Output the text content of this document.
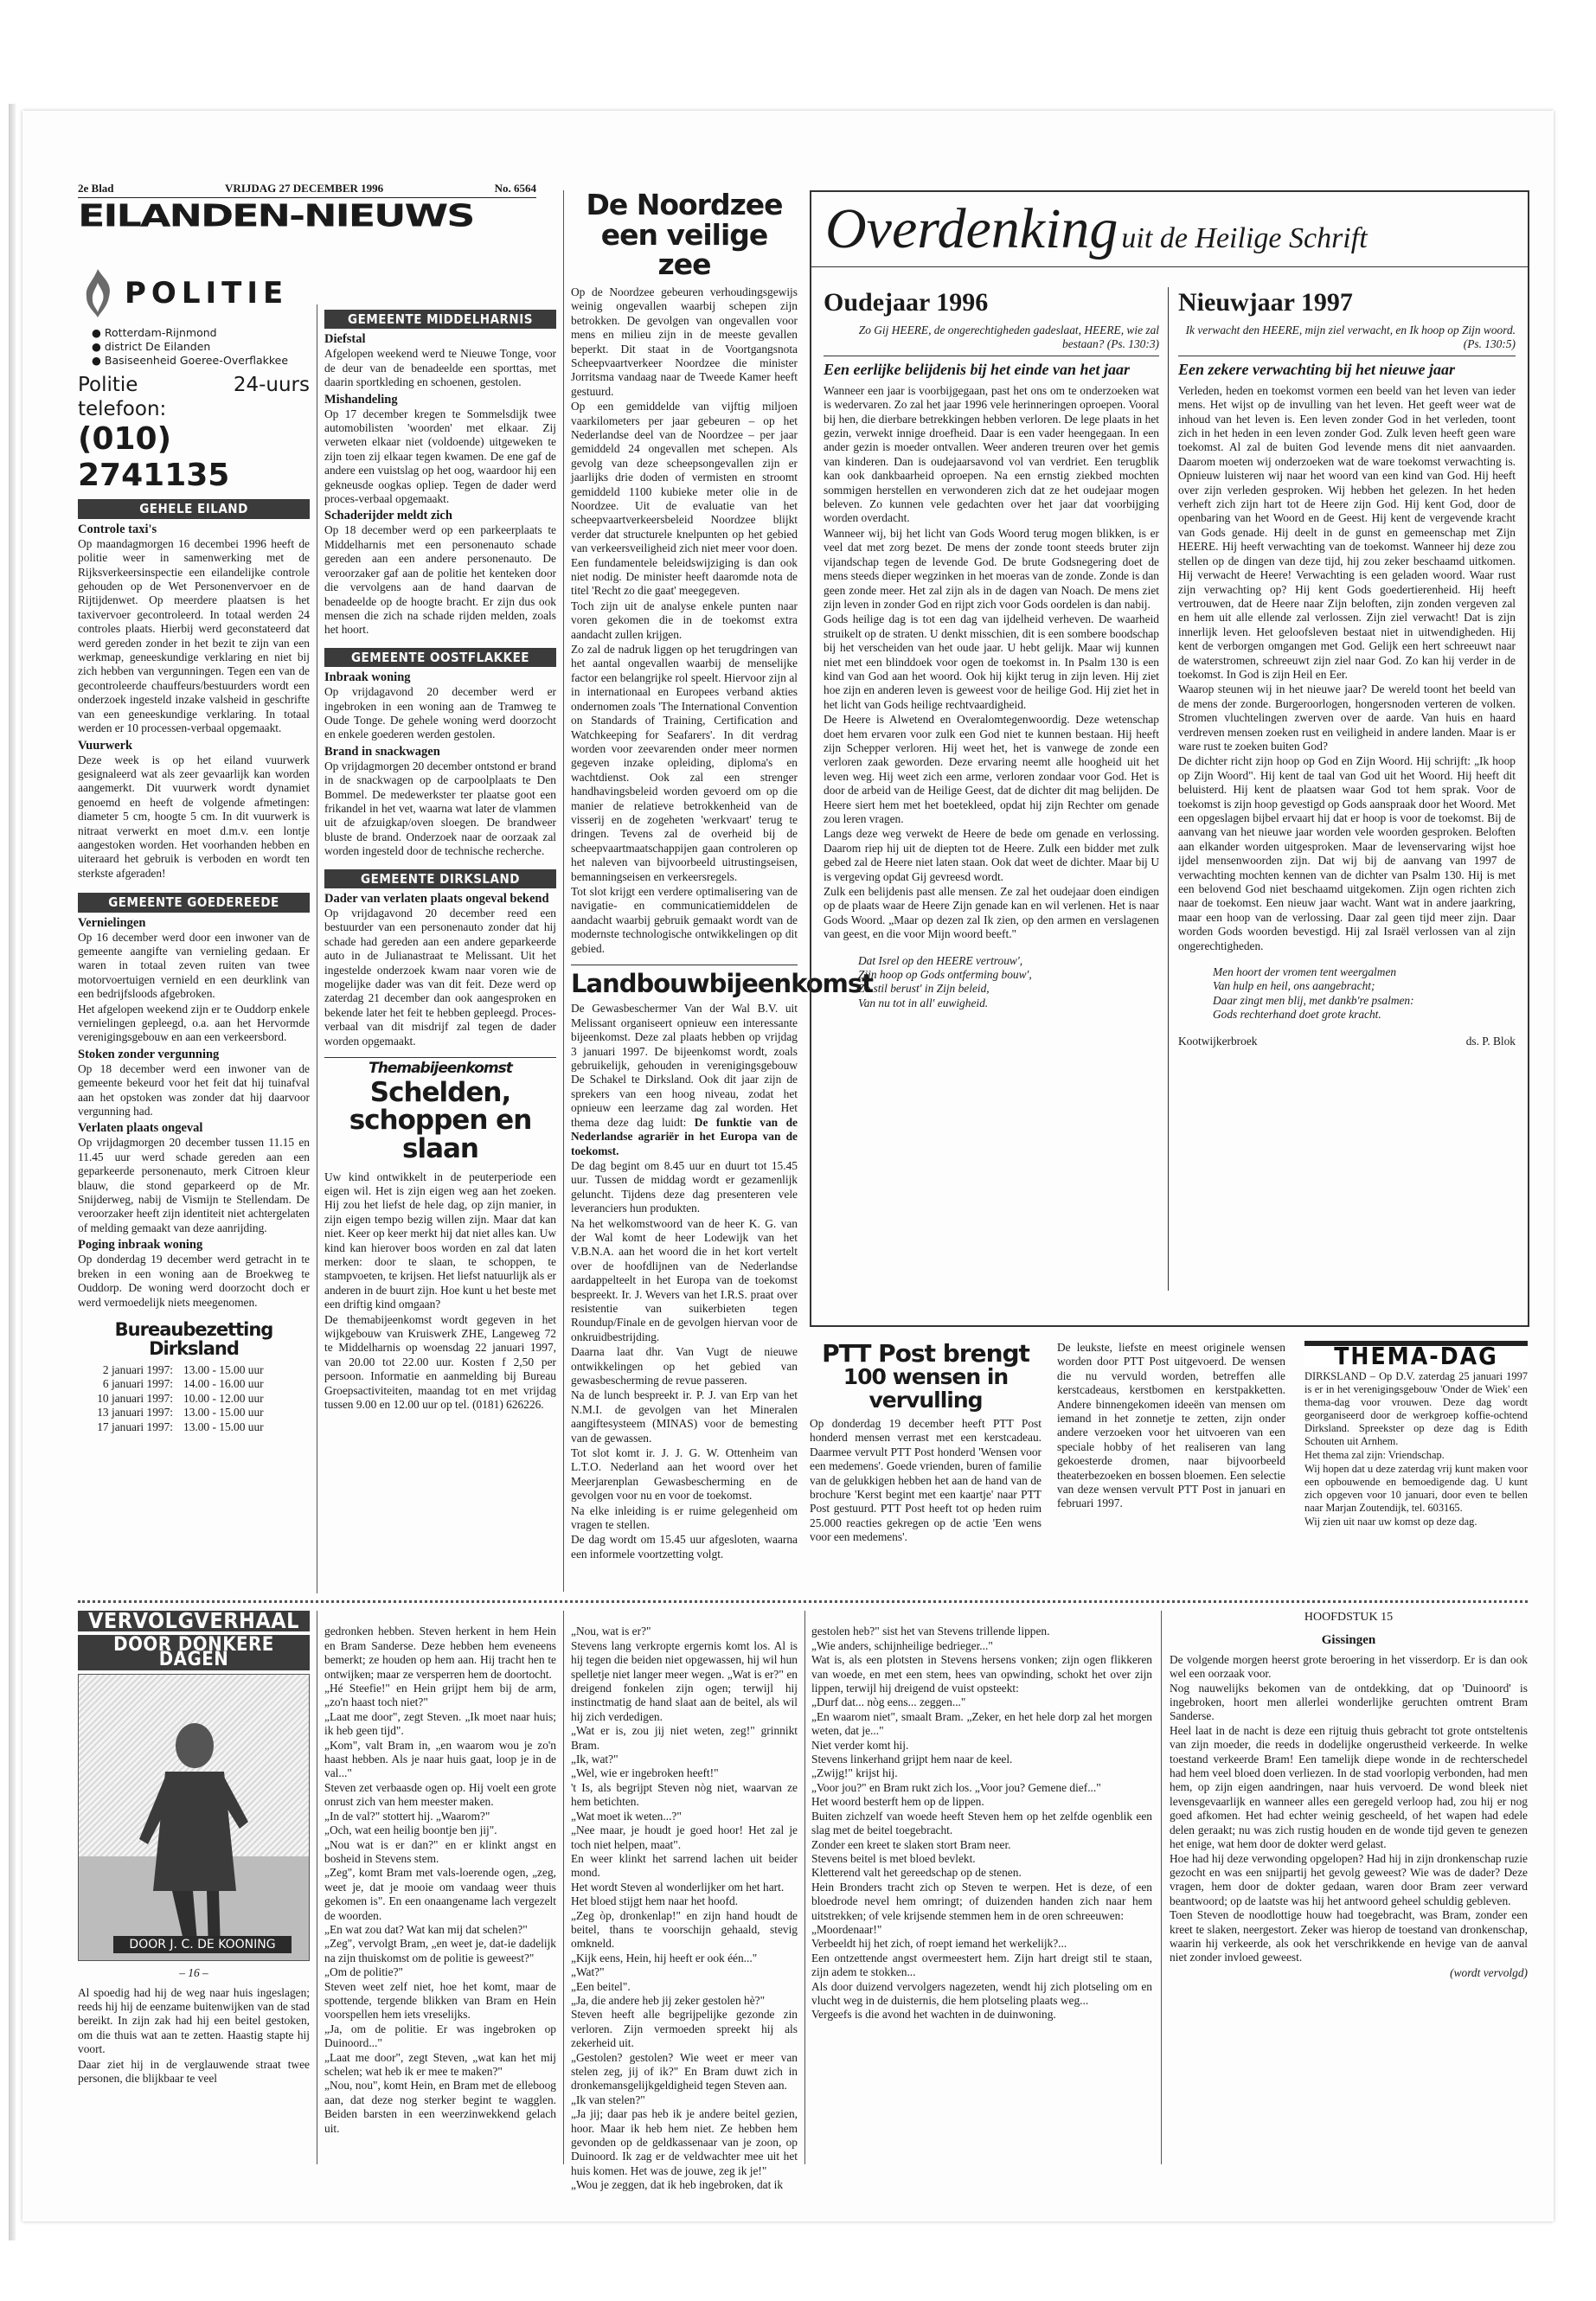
2e Blad	VRIJDAG 27 DECEMBER 1996	No. 6564
EILANDEN-NIEUWS
POLITIE
● Rotterdam-Rijnmond
● district De Eilanden
● Basiseenheid Goeree-Overflakkee
Politie 24-uurs telefoon:
(010) 2741135
GEHELE EILAND
Controle taxi's

Op maandagmorgen 16 decembei 1996 heeft de politie weer in samenwerking met de Rijksverkeersinspectie een eilandelijke controle gehouden op de Wet Personenvervoer en de Rijtijdenwet. Op meerdere plaatsen is het taxivervoer gecontroleerd. In totaal werden 24 controles plaats. Hierbij werd geconstateerd dat werd gereden zonder in het bezit te zijn van een werkmap, geneeskundige verklaring en niet bij zich hebben van vergunningen. Tegen een van de gecontroleerde chauffeurs/bestuurders wordt een onderzoek ingesteld inzake valsheid in geschrifte van een geneeskundige verklaring. In totaal werden er 10 processen-verbaal opgemaakt.

Vuurwerk

Deze week is op het eiland vuurwerk gesignaleerd wat als zeer gevaarlijk kan worden aangemerkt. Dit vuurwerk wordt dynamiet genoemd en heeft de volgende afmetingen: diameter 5 cm, hoogte 5 cm. In dit vuurwerk is nitraat verwerkt en moet d.m.v. een lontje aangestoken worden. Het voorhanden hebben en uiteraard het gebruik is verboden en wordt ten sterkste afgeraden!

GEMEENTE GOEDEREEDE
Vernielingen

Op 16 december werd door een inwoner van de gemeente aangifte van vernieling gedaan. Er waren in totaal zeven ruiten van twee motorvoertuigen vernield en een deurklink van een bedrijfsloods afgebroken.

Het afgelopen weekend zijn er te Ouddorp enkele vernielingen gepleegd, o.a. aan het Hervormde verenigingsgebouw en aan een verkeersbord.

Stoken zonder vergunning

Op 18 december werd een inwoner van de gemeente bekeurd voor het feit dat hij tuinafval aan het opstoken was zonder dat hij daarvoor vergunning had.

Verlaten plaats ongeval

Op vrijdagmorgen 20 december tussen 11.15 en 11.45 uur werd schade gereden aan een geparkeerde personenauto, merk Citroen kleur blauw, die stond geparkeerd op de Mr. Snijderweg, nabij de Vismijn te Stellendam. De veroorzaker heeft zijn identiteit niet achtergelaten of melding gemaakt van deze aanrijding.

Poging inbraak woning

Op donderdag 19 december werd getracht in te breken in een woning aan de Broekweg te Ouddorp. De woning werd doorzocht doch er werd vermoedelijk niets meegenomen.

Bureaubezetting Dirksland
2 januari 1997: 13.00 - 15.00 uur
6 januari 1997: 14.00 - 16.00 uur
10 januari 1997: 10.00 - 12.00 uur
13 januari 1997: 13.00 - 15.00 uur
17 januari 1997: 13.00 - 15.00 uur
GEMEENTE MIDDELHARNIS
Diefstal

Afgelopen weekend werd te Nieuwe Tonge, voor de deur van de benadeelde een sporttas, met daarin sportkleding en schoenen, gestolen.

Mishandeling

Op 17 december kregen te Sommelsdijk twee automobilisten 'woorden' met elkaar. Zij verweten elkaar niet (voldoende) uitgeweken te zijn toen zij elkaar tegen kwamen. De ene gaf de andere een vuistslag op het oog, waardoor hij een gekneusde oogkas opliep. Tegen de dader werd proces-verbaal opgemaakt.

Schaderijder meldt zich

Op 18 december werd op een parkeerplaats te Middelharnis met een personenauto schade gereden aan een andere personenauto. De veroorzaker gaf aan de politie het kenteken door die vervolgens aan de hand daarvan de benadeelde op de hoogte bracht. Er zijn dus ook mensen die zich na schade rijden melden, zoals het hoort.

GEMEENTE OOSTFLAKKEE
Inbraak woning

Op vrijdagavond 20 december werd er ingebroken in een woning aan de Tramweg te Oude Tonge. De gehele woning werd doorzocht en enkele goederen werden gestolen.

Brand in snackwagen

Op vrijdagmorgen 20 december ontstond er brand in de snackwagen op de carpoolplaats te Den Bommel. De medewerkster ter plaatse goot een frikandel in het vet, waarna wat later de vlammen uit de afzuigkap/oven sloegen. De brandweer bluste de brand. Onderzoek naar de oorzaak zal worden ingesteld door de technische recherche.

GEMEENTE DIRKSLAND
Dader van verlaten plaats ongeval bekend

Op vrijdagavond 20 december reed een bestuurder van een personenauto zonder dat hij schade had gereden aan een andere geparkeerde auto in de Julianastraat te Melissant. Uit het ingestelde onderzoek kwam naar voren wie de mogelijke dader was van dit feit. Deze werd op zaterdag 21 december dan ook aangesproken en bekende later het feit te hebben gepleegd. Proces-verbaal van dit misdrijf zal tegen de dader worden opgemaakt.

Themabijeenkomst
Schelden, schoppen en slaan

Uw kind ontwikkelt in de peuterperiode een eigen wil. Het is zijn eigen weg aan het zoeken. Hij zou het liefst de hele dag, op zijn manier, in zijn eigen tempo bezig willen zijn. Maar dat kan niet. Keer op keer merkt hij dat niet alles kan. Uw kind kan hierover boos worden en zal dat laten merken: door te slaan, te schoppen, te stampvoeten, te krijsen. Het liefst natuurlijk als er anderen in de buurt zijn. Hoe kunt u het beste met een driftig kind omgaan?

De themabijeenkomst wordt gegeven in het wijkgebouw van Kruiswerk ZHE, Langeweg 72 te Middelharnis op woensdag 22 januari 1997, van 20.00 tot 22.00 uur. Kosten f 2,50 per persoon. Informatie en aanmelding bij Bureau Groepsactiviteiten, maandag tot en met vrijdag tussen 9.00 en 12.00 uur op tel. (0181) 626226.

De Noordzee een veilige zee

Op de Noordzee gebeuren verhoudingsgewijs weinig ongevallen waarbij schepen zijn betrokken. De gevolgen van ongevallen voor mens en milieu zijn in de meeste gevallen beperkt. Dit staat in de Voortgangsnota Scheepvaartverkeer Noordzee die minister Jorritsma vandaag naar de Tweede Kamer heeft gestuurd.

Op een gemiddelde van vijftig miljoen vaarkilometers per jaar gebeuren – op het Nederlandse deel van de Noordzee – per jaar gemiddeld 24 ongevallen met schepen. Als gevolg van deze scheepsongevallen zijn er jaarlijks drie doden of vermisten en stroomt gemiddeld 1100 kubieke meter olie in de Noordzee. Uit de evaluatie van het scheepvaartverkeersbeleid Noordzee blijkt verder dat structurele knelpunten op het gebied van verkeersveiligheid zich niet meer voor doen. Een fundamentele beleidswijziging is dan ook niet nodig. De minister heeft daaromde nota de titel 'Recht zo die gaat' meegegeven.

Toch zijn uit de analyse enkele punten naar voren gekomen die in de toekomst extra aandacht zullen krijgen.

Zo zal de nadruk liggen op het terugdringen van het aantal ongevallen waarbij de menselijke factor een belangrijke rol speelt. Hiervoor zijn al in internationaal en Europees verband akties ondernomen zoals 'The International Convention on Standards of Training, Certification and Watchkeeping for Seafarers'. In dit verdrag worden voor zeevarenden onder meer normen gegeven inzake opleiding, diploma's en wachtdienst. Ook zal een strenger handhavingsbeleid worden gevoerd om op die manier de relatieve betrokkenheid van de visserij en de zogeheten 'werkvaart' terug te dringen. Tevens zal de overheid bij de scheepvaartmaatschappijen gaan controleren op het naleven van bijvoorbeeld uitrustingseisen, bemanningseisen en verkeersregels.

Tot slot krijgt een verdere optimalisering van de navigatie- en communicatiemiddelen de aandacht waarbij gebruik gemaakt wordt van de modernste technologische ontwikkelingen op dit gebied.

Landbouwbijeenkomst

De Gewasbeschermer Van der Wal B.V. uit Melissant organiseert opnieuw een interessante bijeenkomst. Deze zal plaats hebben op vrijdag 3 januari 1997. De bijeenkomst wordt, zoals gebruikelijk, gehouden in verenigingsgebouw De Schakel te Dirksland. Ook dit jaar zijn de sprekers van een hoog niveau, zodat het opnieuw een leerzame dag zal worden. Het thema deze dag luidt: De funktie van de Nederlandse agrariër in het Europa van de toekomst.

De dag begint om 8.45 uur en duurt tot 15.45 uur. Tussen de middag wordt er gezamenlijk geluncht. Tijdens deze dag presenteren vele leveranciers hun produkten.

Na het welkomstwoord van de heer K. G. van der Wal komt de heer Lodewijk van het V.B.N.A. aan het woord die in het kort vertelt over de hoofdlijnen van de Nederlandse aardappelteelt in het Europa van de toekomst bespreekt. Ir. J. Wevers van het I.R.S. praat over resistentie van suikerbieten tegen Roundup/Finale en de gevolgen hiervan voor de onkruidbestrijding.

Daarna laat dhr. Van Vugt de nieuwe ontwikkelingen op het gebied van gewasbescherming de revue passeren.

Na de lunch bespreekt ir. P. J. van Erp van het N.M.I. de gevolgen van het Mineralen aangiftesysteem (MINAS) voor de bemesting van de gewassen.

Tot slot komt ir. J. J. G. W. Ottenheim van L.T.O. Nederland aan het woord over het Meerjarenplan Gewasbescherming en de gevolgen voor nu en voor de toekomst.

Na elke inleiding is er ruime gelegenheid om vragen te stellen.

De dag wordt om 15.45 uur afgesloten, waarna een informele voortzetting volgt.

Overdenking uit de Heilige Schrift
Oudejaar 1996
Zo Gij HEERE, de ongerechtigheden gadeslaat, HEERE, wie zal bestaan? (Ps. 130:3)
Een eerlijke belijdenis bij het einde van het jaar

Wanneer een jaar is voorbijgegaan, past het ons om te onderzoeken wat is wedervaren. Zo zal het jaar 1996 vele herinneringen oproepen. Vooral bij hen, die dierbare betrekkingen hebben verloren. De lege plaats in het gezin, verwekt innige droefheid. Daar is een vader heengegaan. In een ander gezin is moeder ontvallen. Weer anderen treuren over het gemis van kinderen. Dan is oudejaarsavond vol van verdriet. Een terugblik kan ook dankbaarheid oproepen. Na een ernstig ziekbed mochten sommigen herstellen en verwonderen zich dat ze het oudejaar mogen beleven. Zo kunnen vele gedachten over het jaar dat voorbijging worden overdacht.

Wanneer wij, bij het licht van Gods Woord terug mogen blikken, is er veel dat met zorg bezet. De mens der zonde toont steeds bruter zijn vijandschap tegen de levende God. De brute Godsnegering doet de mens steeds dieper wegzinken in het moeras van de zonde. Zonde is dan geen zonde meer. Het zal zijn als in de dagen van Noach. De mens ziet zijn leven in zonder God en rijpt zich voor Gods oordelen is dan nabij.

Gods heilige dag is tot een dag van ijdelheid verheven. De waarheid struikelt op de straten. U denkt misschien, dit is een sombere boodschap bij het verscheiden van het oude jaar. U hebt gelijk. Maar wij kunnen niet met een blinddoek voor ogen de toekomst in. In Psalm 130 is een kind van God aan het woord. Ook hij kijkt terug in zijn leven. Hij ziet hoe zijn en anderen leven is geweest voor de heilige God. Hij ziet het in het licht van Gods heilige rechtvaardigheid.

De Heere is Alwetend en Overalomtegenwoordig. Deze wetenschap doet hem ervaren voor zulk een God niet te kunnen bestaan. Hij heeft zijn Schepper verloren. Hij weet het, het is vanwege de zonde een verloren zaak geworden. Deze ervaring neemt alle hoogheid uit het leven weg. Hij weet zich een arme, verloren zondaar voor God. Het is door de arbeid van de Heilige Geest, dat de dichter dit mag belijden. De Heere siert hem met het boetekleed, opdat hij zijn Rechter om genade zou leren vragen.

Langs deze weg verwekt de Heere de bede om genade en verlossing. Daarom riep hij uit de diepten tot de Heere. Zulk een bidder met zulk gebed zal de Heere niet laten staan. Ook dat weet de dichter. Maar bij U is vergeving opdat Gij gevreesd wordt.

Zulk een belijdenis past alle mensen. Ze zal het oudejaar doen eindigen op de plaats waar de Heere Zijn genade kan en wil verlenen. Het is naar Gods Woord. „Maar op dezen zal Ik zien, op den armen en verslagenen van geest, en die voor Mijn woord beeft."

Dat Isrel op den HEERE vertrouw',
Zijn hoop op Gods ontferming bouw',
Zo stil berust' in Zijn beleid,
Van nu tot in all' euwigheid.
Nieuwjaar 1997
Ik verwacht den HEERE, mijn ziel verwacht, en Ik hoop op Zijn woord. (Ps. 130:5)
Een zekere verwachting bij het nieuwe jaar

Verleden, heden en toekomst vormen een beeld van het leven van ieder mens. Het wijst op de invulling van het leven. Het geeft weer wat de inhoud van het leven is. Een leven zonder God in het verleden, toont zich in het heden in een leven zonder God. Zulk leven heeft geen ware toekomst. Al zal de buiten God levende mens dit niet aanvaarden. Daarom moeten wij onderzoeken wat de ware toekomst verwachting is. Opnieuw luisteren wij naar het woord van een kind van God. Hij heeft over zijn verleden gesproken. Wij hebben het gelezen. In het heden verheft zich zijn hart tot de Heere zijn God. Hij kent God, door de openbaring van het Woord en de Geest. Hij kent de vergevende kracht van Gods genade. Hij deelt in de gunst en gemeenschap met Zijn HEERE. Hij heeft verwachting van de toekomst. Wanneer hij deze zou stellen op de dingen van deze tijd, hij zou zeker beschaamd uitkomen. Hij verwacht de Heere! Verwachting is een geladen woord. Waar rust zijn verwachting op? Hij kent Gods goedertierenheid. Hij heeft vertrouwen, dat de Heere naar Zijn beloften, zijn zonden vergeven zal en hem uit alle ellende zal verlossen. Zijn ziel verwacht! Dat is zijn innerlijk leven. Het geloofsleven bestaat niet in uitwendigheden. Hij kent de verborgen omgangen met God. Gelijk een hert schreeuwt naar de waterstromen, schreeuwt zijn ziel naar God. Zo kan hij verder in de toekomst. In God is zijn Heil en Eer.

Waarop steunen wij in het nieuwe jaar? De wereld toont het beeld van de mens der zonde. Burgeroorlogen, hongersnoden verteren de volken. Stromen vluchtelingen zwerven over de aarde. Van huis en haard verdreven mensen zoeken rust en veiligheid in andere landen. Maar is er ware rust te zoeken buiten God?

De dichter richt zijn hoop op God en Zijn Woord. Hij schrijft: „Ik hoop op Zijn Woord". Hij kent de taal van God uit het Woord. Hij heeft dit beluisterd. Hij kent de plaatsen waar God tot hem sprak. Voor de toekomst is zijn hoop gevestigd op Gods aanspraak door het Woord. Met een opgeslagen bijbel ervaart hij dat er hoop is voor de toekomst. Bij de aanvang van het nieuwe jaar worden vele woorden gesproken. Beloften aan elkander worden uitgesproken. Maar de levenservaring wijst hoe ijdel mensenwoorden zijn. Dat wij bij de aanvang van 1997 de verwachting mochten kennen van de dichter van Psalm 130. Hij is met een belovend God niet beschaamd uitgekomen. Zijn ogen richten zich naar de toekomst. Een nieuw jaar wacht. Want wat in andere jaarkring, maar een hoop van de verlossing. Daar zal geen tijd meer zijn. Daar worden Gods woorden bevestigd. Hij zal Israël verlossen van al zijn ongerechtigheden.

Men hoort der vromen tent weergalmen
Van hulp en heil, ons aangebracht;
Daar zingt men blij, met dankb're psalmen:
Gods rechterhand doet grote kracht.
Kootwijkerbroek	ds. P. Blok
PTT Post brengt
100 wensen in vervulling

Op donderdag 19 december heeft PTT Post honderd mensen verrast met een kerstcadeau. Daarmee vervult PTT Post honderd 'Wensen voor een medemens'. Goede vrienden, buren of familie van de gelukkigen hebben het aan de hand van de brochure 'Kerst begint met een kaartje' naar PTT Post gestuurd. PTT Post heeft tot op heden ruim 25.000 reacties gekregen op de actie 'Een wens voor een medemens'.

De leukste, liefste en meest originele wensen worden door PTT Post uitgevoerd. De wensen die nu vervuld worden, betreffen alle kerstcadeaus, kerstbomen en kerstpakketten. Andere binnengekomen ideeën van mensen om iemand in het zonnetje te zetten, zijn onder andere verzoeken voor het uitvoeren van een speciale hobby of het realiseren van lang gekoesterde dromen, naar bijvoorbeeld theaterbezoeken en bossen bloemen. Een selectie van deze wensen vervult PTT Post in januari en februari 1997.

THEMA-DAG

DIRKSLAND – Op D.V. zaterdag 25 januari 1997 is er in het verenigingsgebouw 'Onder de Wiek' een thema-dag voor vrouwen. Deze dag wordt georganiseerd door de werkgroep koffie-ochtend Dirksland. Spreekster op deze dag is Edith Schouten uit Arnhem.

Het thema zal zijn: Vriendschap.

Wij hopen dat u deze zaterdag vrij kunt maken voor een opbouwende en bemoedigende dag. U kunt zich opgeven voor 10 januari, door even te bellen naar Marjan Zoutendijk, tel. 603165.

Wij zien uit naar uw komst op deze dag.

VERVOLGVERHAAL
DOOR DONKERE DAGEN
DOOR J. C. DE KOONING
– 16 –

Al spoedig had hij de weg naar huis ingeslagen; reeds hij hij de eenzame buitenwijken van de stad bereikt. In zijn zak had hij een beitel gestoken, om die thuis wat aan te zetten. Haastig stapte hij voort.

Daar ziet hij in de verglauwende straat twee personen, die blijkbaar te veel

gedronken hebben. Steven herkent in hem Hein en Bram Sanderse. Deze hebben hem eveneens bemerkt; ze houden op hem aan. Hij tracht hen te ontwijken; maar ze versperren hem de doortocht.
„Hé Steefie!" en Hein grijpt hem bij de arm, „zo'n haast toch niet?"
„Laat me door", zegt Steven. „Ik moet naar huis; ik heb geen tijd".
„Kom", valt Bram in, „en waarom wou je zo'n haast hebben. Als je naar huis gaat, loop je in de val..."
Steven zet verbaasde ogen op. Hij voelt een grote onrust zich van hem meester maken.
„In de val?" stottert hij. „Waarom?"
„Och, wat een heilig boontje ben jij".
„Nou wat is er dan?" en er klinkt angst en bosheid in Stevens stem.
„Zeg", komt Bram met vals-loerende ogen, „zeg, weet je, dat je mooie om vandaag weer thuis gekomen is". En een onaangename lach vergezelt de woorden.
„En wat zou dat? Wat kan mij dat schelen?"
„Zeg", vervolgt Bram, „en weet je, dat-ie dadelijk na zijn thuiskomst om de politie is geweest?"
„Om de politie?"
Steven weet zelf niet, hoe het komt, maar de spottende, tergende blikken van Bram en Hein voorspellen hem iets vreselijks.
„Ja, om de politie. Er was ingebroken op Duinoord..."
„Laat me door", zegt Steven, „wat kan het mij schelen; wat heb ik er mee te maken?"
„Nou, nou", komt Hein, en Bram met de elleboog aan, dat deze nog sterker begint te wagglen. Beiden barsten in een weerzinwekkend gelach uit.

„Nou, wat is er?"
Stevens lang verkropte ergernis komt los. Al is hij tegen die beiden niet opgewassen, hij wil hun spelletje niet langer meer wegen. „Wat is er?" en dreigend fonkelen zijn ogen; terwijl hij instinctmatig de hand slaat aan de beitel, als wil hij zich verdedigen.
„Wat er is, zou jij niet weten, zeg!" grinnikt Bram.
„Ik, wat?"
„Wel, wie er ingebroken heeft!"
't Is, als begrijpt Steven nòg niet, waarvan ze hem betichten.
„Wat moet ik weten...?"
„Nee maar, je houdt je goed hoor! Het zal je toch niet helpen, maat".
En weer klinkt het sarrend lachen uit beider mond.
Het wordt Steven al wonderlijker om het hart.
Het bloed stijgt hem naar het hoofd.
„Zeg òp, dronkenlap!" en zijn hand houdt de beitel, thans te voorschijn gehaald, stevig omkneld.
„Kijk eens, Hein, hij heeft er ook één..."
„Wat?"
„Een beitel".
„Ja, die andere heb jij zeker gestolen hè?"
Steven heeft alle begrijpelijke gezonde zin verloren. Zijn vermoeden spreekt hij als zekerheid uit.
„Gestolen? gestolen? Wie weet er meer van stelen zeg, jij of ik?" En Bram duwt zich in dronkemansgelijkgeldigheid tegen Steven aan.
„Ik van stelen?"
„Ja jij; daar pas heb ik je andere beitel gezien, hoor. Maar ik heb hem niet. Ze hebben hem gevonden op de geldkassenaar van je zoon, op Duinoord. Ik zag er de veldwachter mee uit het huis komen. Het was de jouwe, zeg ik je!"
„Wou je zeggen, dat ik heb ingebroken, dat ik

gestolen heb?" sist het van Stevens trillende lippen.
„Wie anders, schijnheilige bedrieger..."
Wat is, als een plotsten in Stevens hersens vonken; zijn ogen flikkeren van woede, en met een stem, hees van opwinding, schokt het over zijn lippen, terwijl hij dreigend de vuist opsteekt:
„Durf dat... nòg eens... zeggen..."
„En waarom niet", smaalt Bram. „Zeker, en het hele dorp zal het morgen weten, dat je..."
Niet verder komt hij.
Stevens linkerhand grijpt hem naar de keel.
„Zwijg!" krijst hij.
„Voor jou?" en Bram rukt zich los. „Voor jou? Gemene dief..."
Het woord besterft hem op de lippen.
Buiten zichzelf van woede heeft Steven hem op het zelfde ogenblik een slag met de beitel toegebracht.
Zonder een kreet te slaken stort Bram neer.
Stevens beitel is met bloed bevlekt.
Kletterend valt het gereedschap op de stenen.
Hein Bronders tracht zich op Steven te werpen. Het is deze, of een bloedrode nevel hem omringt; of duizenden handen zich naar hem uitstrekken; of vele krijsende stemmen hem in de oren schreeuwen:
„Moordenaar!"
Verbeeldt hij het zich, of roept iemand het werkelijk?...
Een ontzettende angst overmeestert hem. Zijn hart dreigt stil te staan, zijn adem te stokken...
Als door duizend vervolgers nagezeten, wendt hij zich plotseling om en vlucht weg in de duisternis, die hem plotseling plaats weg...
Vergeefs is die avond het wachten in de duinwoning.

HOOFDSTUK 15
Gissingen

De volgende morgen heerst grote beroering in het visserdorp. Er is dan ook wel een oorzaak voor.
Nog nauwelijks bekomen van de ontdekking, dat op 'Duinoord' is ingebroken, hoort men allerlei wonderlijke geruchten omtrent Bram Sanderse.
Heel laat in de nacht is deze een rijtuig thuis gebracht tot grote ontsteltenis van zijn moeder, die reeds in dodelijke ongerustheid verkeerde. In welke toestand verkeerde Bram! Een tamelijk diepe wonde in de rechterschedel had hem veel bloed doen verliezen. In de stad voorlopig verbonden, had men hem, op zijn eigen aandringen, naar huis vervoerd. De wond bleek niet levensgevaarlijk en wanneer alles een geregeld verloop had, zou hij er nog goed afkomen. Het had echter weinig gescheeld, of het wapen had edele delen geraakt; nu was zich rustig houden en de wonde tijd geven te genezen het enige, wat hem door de dokter werd gelast.
Hoe had hij deze verwonding opgelopen? Had hij in zijn dronkenschap ruzie gezocht en was een snijpartij het gevolg geweest? Wie was de dader? Deze vragen, hem door de dokter gedaan, waren door Bram zeer verward beantwoord; op de laatste was hij het antwoord geheel schuldig gebleven.
Toen Steven de noodlottige houw had toegebracht, was Bram, zonder een kreet te slaken, neergestort. Zeker was hierop de toestand van dronkenschap, waarin hij verkeerde, als ook het verschrikkende en hevige van de aanval niet zonder invloed geweest.

(wordt vervolgd)
